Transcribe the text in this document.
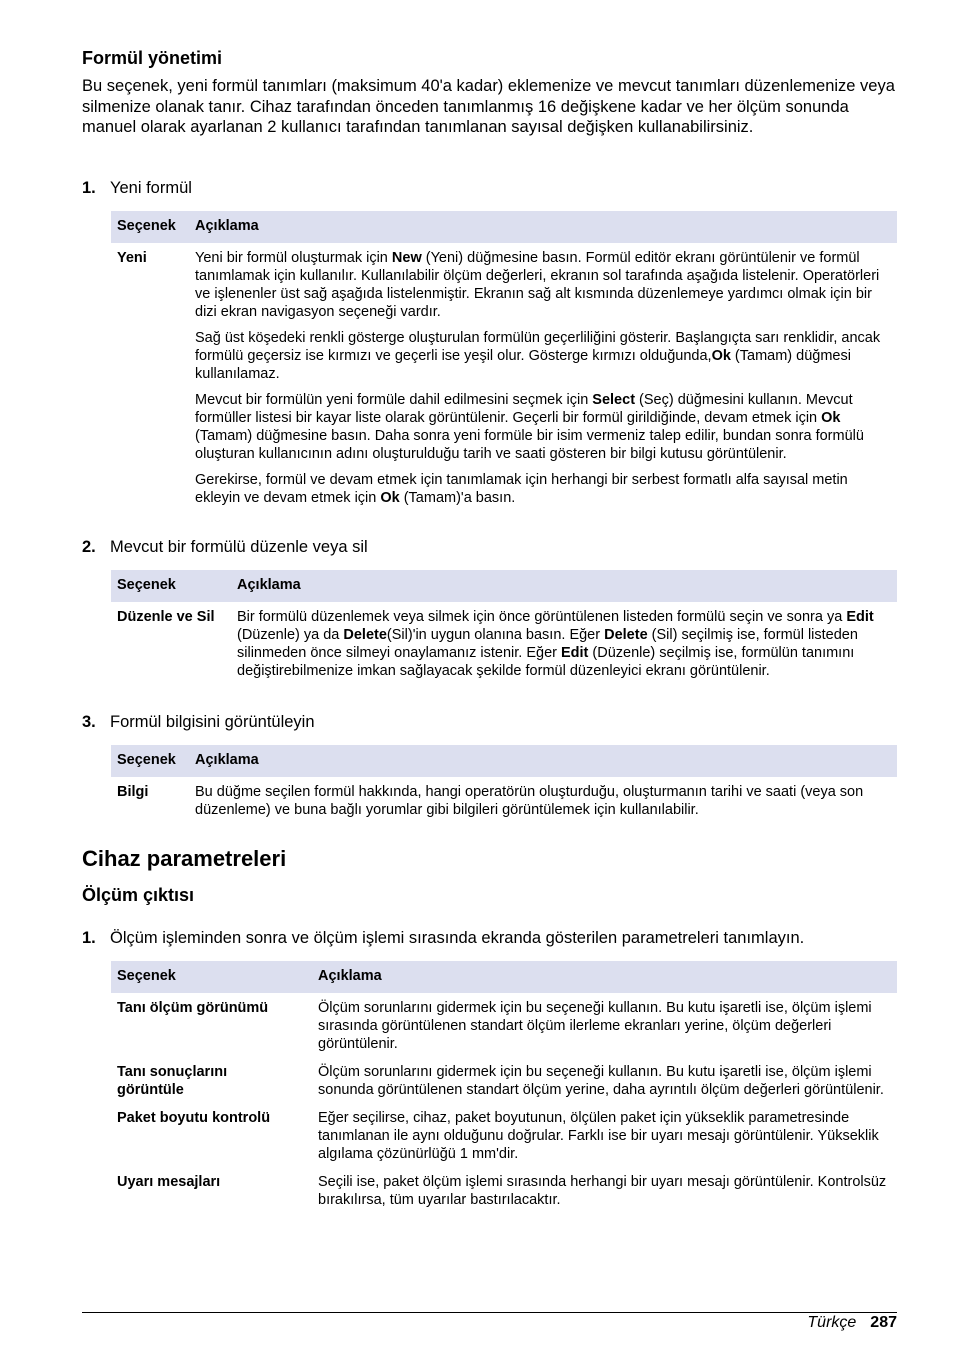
Formül yönetimi

Bu seçenek, yeni formül tanımları (maksimum 40'a kadar) eklemenize ve mevcut tanımları düzenlemenize veya silmenize olanak tanır. Cihaz tarafından önceden tanımlanmış 16 değişkene kadar ve her ölçüm sonunda manuel olarak ayarlanan 2 kullanıcı tarafından tanımlanan sayısal değişken kullanabilirsiniz.

1. Yeni formül
Seçenek	Açıklama
Yeni	Yeni bir formül oluşturmak için New (Yeni) düğmesine basın. Formül editör ekranı görüntülenir ve formül tanımlamak için kullanılır. Kullanılabilir ölçüm değerleri, ekranın sol tarafında aşağıda listelenir. Operatörleri ve işlenenler üst sağ aşağıda listelenmiştir. Ekranın sağ alt kısmında düzenlemeye yardımcı olmak için bir dizi ekran navigasyon seçeneği vardır.

Sağ üst köşedeki renkli gösterge oluşturulan formülün geçerliliğini gösterir. Başlangıçta sarı renklidir, ancak formülü geçersiz ise kırmızı ve geçerli ise yeşil olur. Gösterge kırmızı olduğunda,Ok (Tamam) düğmesi kullanılamaz.

Mevcut bir formülün yeni formüle dahil edilmesini seçmek için Select (Seç) düğmesini kullanın. Mevcut formüller listesi bir kayar liste olarak görüntülenir. Geçerli bir formül girildiğinde, devam etmek için Ok (Tamam) düğmesine basın. Daha sonra yeni formüle bir isim vermeniz talep edilir, bundan sonra formülü oluşturan kullanıcının adını oluşturulduğu tarih ve saati gösteren bir bilgi kutusu görüntülenir.

Gerekirse, formül ve devam etmek için tanımlamak için herhangi bir serbest formatlı alfa sayısal metin ekleyin ve devam etmek için Ok (Tamam)'a basın.

2. Mevcut bir formülü düzenle veya sil
Seçenek	Açıklama
Düzenle ve Sil	Bir formülü düzenlemek veya silmek için önce görüntülenen listeden formülü seçin ve sonra ya Edit (Düzenle) ya da Delete(Sil)'in uygun olanına basın. Eğer Delete (Sil) seçilmiş ise, formül listeden silinmeden önce silmeyi onaylamanız istenir. Eğer Edit (Düzenle) seçilmiş ise, formülün tanımını değiştirebilmenize imkan sağlayacak şekilde formül düzenleyici ekranı görüntülenir.
3. Formül bilgisini görüntüleyin
Seçenek	Açıklama
Bilgi	Bu düğme seçilen formül hakkında, hangi operatörün oluşturduğu, oluşturmanın tarihi ve saati (veya son düzenleme) ve buna bağlı yorumlar gibi bilgileri görüntülemek için kullanılabilir.
Cihaz parametreleri
Ölçüm çıktısı
1. Ölçüm işleminden sonra ve ölçüm işlemi sırasında ekranda gösterilen parametreleri tanımlayın.
Seçenek	Açıklama
Tanı ölçüm görünümü	Ölçüm sorunlarını gidermek için bu seçeneği kullanın. Bu kutu işaretli ise, ölçüm işlemi sırasında görüntülenen standart ölçüm ilerleme ekranları yerine, ölçüm değerleri görüntülenir.
Tanı sonuçlarını görüntüle	Ölçüm sorunlarını gidermek için bu seçeneği kullanın. Bu kutu işaretli ise, ölçüm işlemi sonunda görüntülenen standart ölçüm yerine, daha ayrıntılı ölçüm değerleri görüntülenir.
Paket boyutu kontrolü	Eğer seçilirse, cihaz, paket boyutunun, ölçülen paket için yükseklik parametresinde tanımlanan ile aynı olduğunu doğrular. Farklı ise bir uyarı mesajı görüntülenir. Yükseklik algılama çözünürlüğü 1 mm'dir.
Uyarı mesajları	Seçili ise, paket ölçüm işlemi sırasında herhangi bir uyarı mesajı görüntülenir. Kontrolsüz bırakılırsa, tüm uyarılar bastırılacaktır.
Türkçe 287
